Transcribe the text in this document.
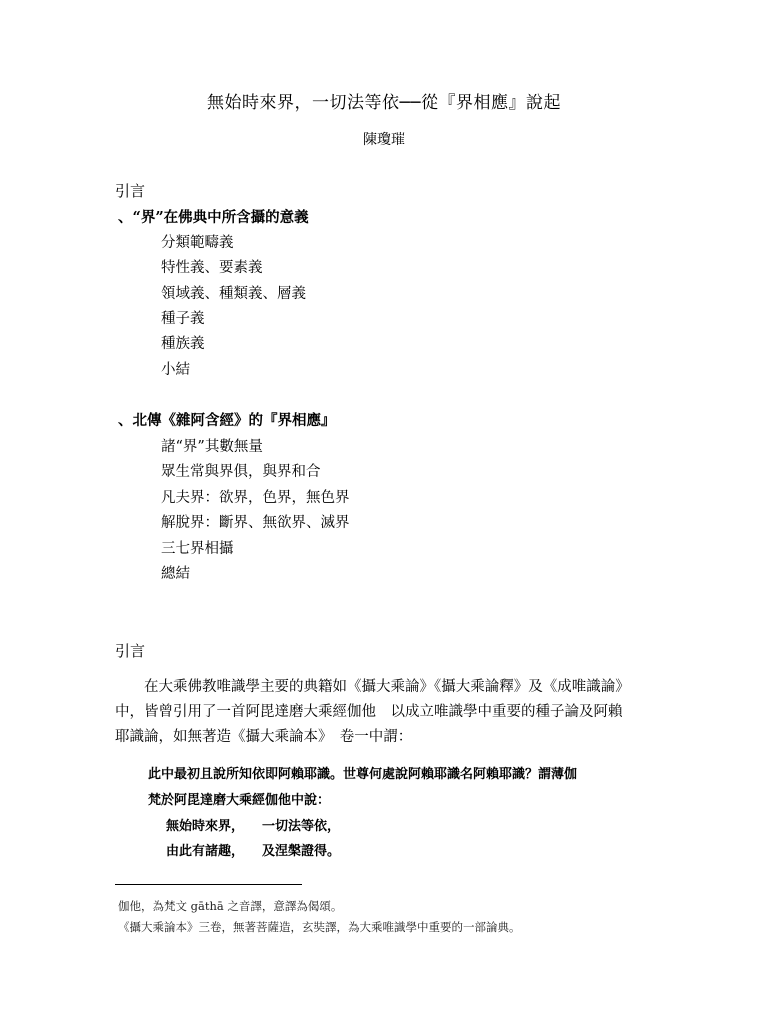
無始時來界，一切法等依──從『界相應』說起
陳瓊璀
引言
、“界”在佛典中所含攝的意義
分類範疇義
特性義、要素義
領域義、種類義、層義
種子義
種族義
小結
、北傳《雜阿含經》的『界相應』
諸“界”其數無量
眾生常與界俱，與界和合
凡夫界：欲界，色界，無色界
解脫界：斷界、無欲界、滅界
三七界相攝
總結
引言
　　在大乘佛教唯識學主要的典籍如《攝大乘論》《攝大乘論釋》及《成唯識論》
中，皆曾引用了一首阿毘達磨大乘經伽他　以成立唯識學中重要的種子論及阿賴
耶識論，如無著造《攝大乘論本》　卷一中謂：
此中最初且說所知依即阿賴耶識。世尊何處說阿賴耶識名阿賴耶識？謂薄伽
梵於阿毘達磨大乘經伽他中說：
無始時來界， 一切法等依，
由此有諸趣， 及涅槃證得。
伽他，為梵文 gāthā 之音譯，意譯為偈頌。
《攝大乘論本》三卷，無著菩薩造，玄奘譯，為大乘唯識學中重要的一部論典。
